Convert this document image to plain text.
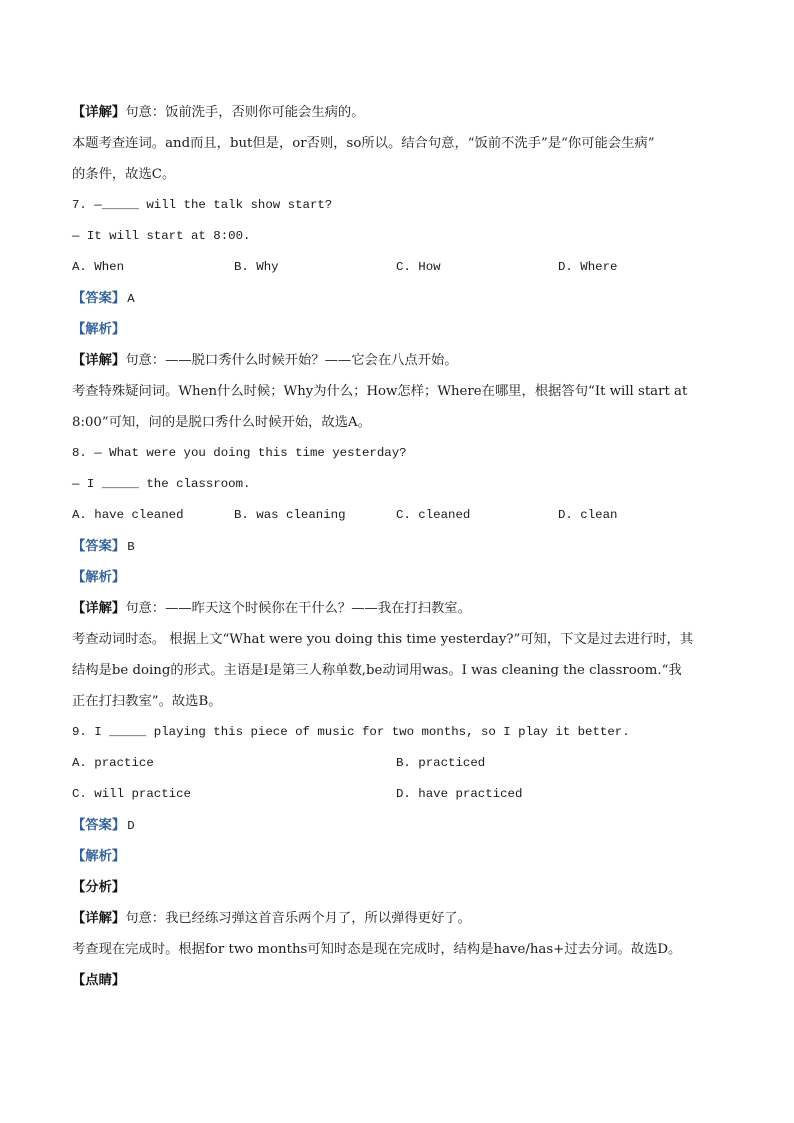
【详解】句意：饭前洗手，否则你可能会生病的。
本题考查连词。and而且，but但是，or否则，so所以。结合句意，“饭前不洗手”是“你可能会生病”
的条件，故选C。
7. —_____ will the talk show start?
— It will start at 8:00.
A. When	B. Why	C. How	D. Where
【答案】 A
【解析】
【详解】句意：——脱口秀什么时候开始？——它会在八点开始。
考查特殊疑问词。When什么时候；Why为什么；How怎样；Where在哪里，根据答句“It will start at
8:00”可知，问的是脱口秀什么时候开始，故选A。
8. — What were you doing this time yesterday?
— I _____ the classroom.
A. have cleaned	B. was cleaning	C. cleaned	D. clean
【答案】 B
【解析】
【详解】句意：——昨天这个时候你在干什么？——我在打扫教室。
考查动词时态。 根据上文“What were you doing this time yesterday?”可知，下文是过去进行时，其
结构是be doing的形式。主语是I是第三人称单数,be动词用was。I was cleaning the classroom.“我
正在打扫教室”。故选B。
9. I _____ playing this piece of music for two months, so I play it better.
A. practice	B. practiced
C. will practice	D. have practiced
【答案】 D
【解析】
【分析】
【详解】句意：我已经练习弹这首音乐两个月了，所以弹得更好了。
考查现在完成时。根据for two months可知时态是现在完成时，结构是have/has+过去分词。故选D。
【点睛】
